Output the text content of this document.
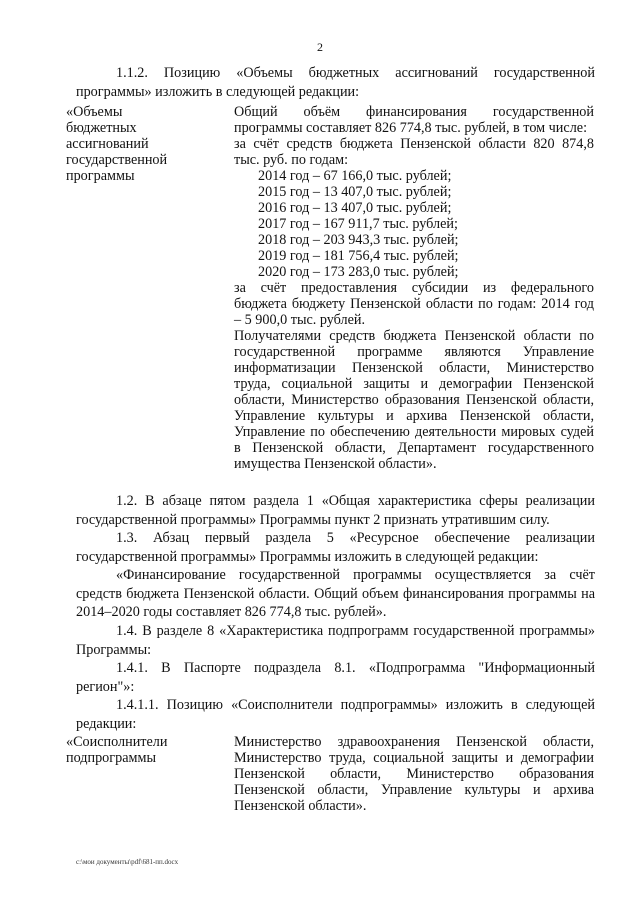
2
1.1.2. Позицию «Объемы бюджетных ассигнований государственной программы» изложить в следующей редакции:
«Объемы
бюджетных
ассигнований
государственной
программы
Общий объём финансирования государственной программы составляет 826 774,8 тыс. рублей, в том числе:
за счёт средств бюджета Пензенской области 820 874,8 тыс. руб. по годам:
2014 год – 67 166,0 тыс. рублей;
2015 год – 13 407,0 тыс. рублей;
2016 год – 13 407,0 тыс. рублей;
2017 год – 167 911,7 тыс. рублей;
2018 год – 203 943,3 тыс. рублей;
2019 год – 181 756,4 тыс. рублей;
2020 год – 173 283,0 тыс. рублей;
за счёт предоставления субсидии из федерального бюджета бюджету Пензенской области по годам: 2014 год – 5 900,0 тыс. рублей.
Получателями средств бюджета Пензенской области по государственной программе являются Управление информатизации Пензенской области, Министерство труда, социальной защиты и демографии Пензенской области, Министерство образования Пензенской области, Управление культуры и архива Пензенской области, Управление по обеспечению деятельности мировых судей в Пензенской области, Департамент государственного имущества Пензенской области».
1.2. В абзаце пятом раздела 1 «Общая характеристика сферы реализации государственной программы» Программы пункт 2 признать утратившим силу.
1.3. Абзац первый раздела 5 «Ресурсное обеспечение реализации государственной программы» Программы изложить в следующей редакции:
«Финансирование государственной программы осуществляется за счёт средств бюджета Пензенской области. Общий объем финансирования программы на 2014–2020 годы составляет 826 774,8 тыс. рублей».
1.4. В разделе 8 «Характеристика подпрограмм государственной программы» Программы:
1.4.1. В Паспорте подраздела 8.1. «Подпрограмма "Информационный регион"»:
1.4.1.1. Позицию «Соисполнители подпрограммы» изложить в следующей редакции:
«Соисполнители
подпрограммы
Министерство здравоохранения Пензенской области, Министерство труда, социальной защиты и демографии Пензенской области, Министерство образования Пензенской области, Управление культуры и архива Пензенской области».
c:\мои документы\pdf\681-пп.docx
